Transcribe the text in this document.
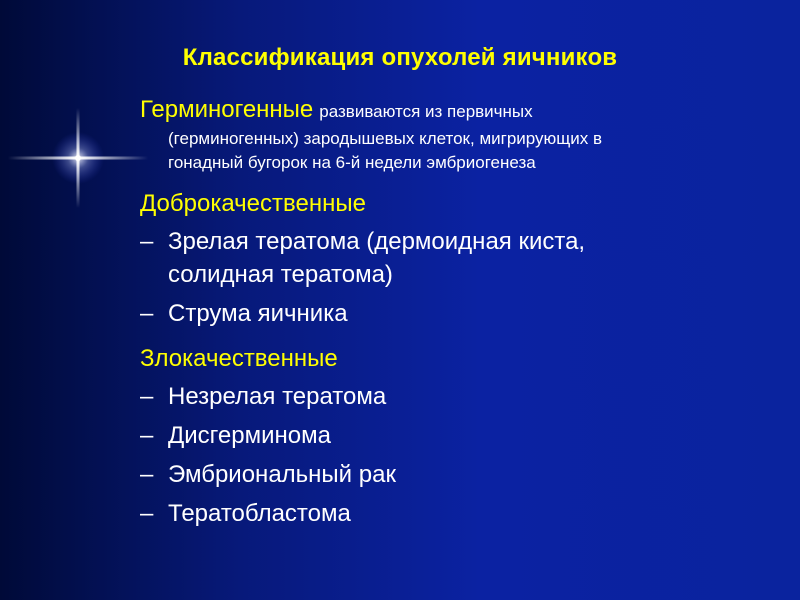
Классификация опухолей яичников
Герминогенные развиваются из первичных
(герминогенных) зародышевых клеток, мигрирующих в
гонадный бугорок на 6-й недели эмбриогенеза
Доброкачественные
– Зрелая тератома (дермоидная киста,
солидная тератома)
– Струма яичника
Злокачественные
– Незрелая тератома
– Дисгерминома
– Эмбриональный рак
– Тератобластома
